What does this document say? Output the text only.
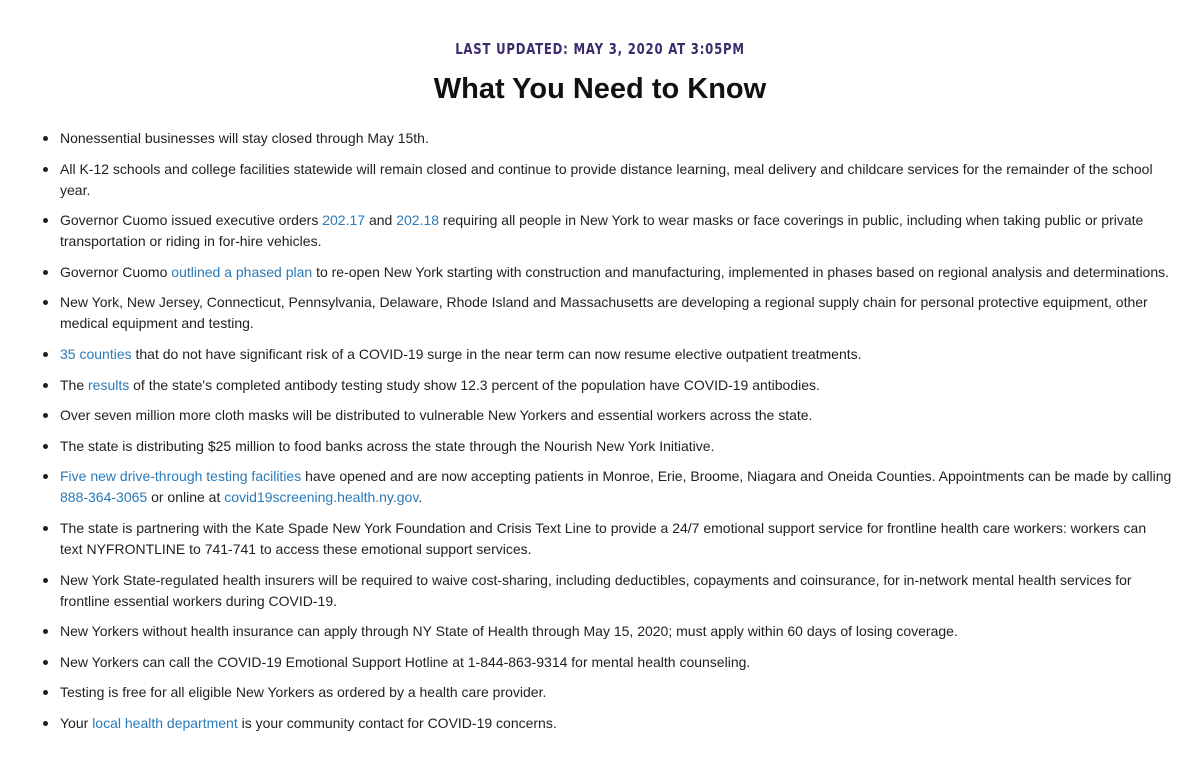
LAST UPDATED: MAY 3, 2020 AT 3:05PM
What You Need to Know
Nonessential businesses will stay closed through May 15th.
All K-12 schools and college facilities statewide will remain closed and continue to provide distance learning, meal delivery and childcare services for the remainder of the school year.
Governor Cuomo issued executive orders 202.17 and 202.18 requiring all people in New York to wear masks or face coverings in public, including when taking public or private transportation or riding in for-hire vehicles.
Governor Cuomo outlined a phased plan to re-open New York starting with construction and manufacturing, implemented in phases based on regional analysis and determinations.
New York, New Jersey, Connecticut, Pennsylvania, Delaware, Rhode Island and Massachusetts are developing a regional supply chain for personal protective equipment, other medical equipment and testing.
35 counties that do not have significant risk of a COVID-19 surge in the near term can now resume elective outpatient treatments.
The results of the state's completed antibody testing study show 12.3 percent of the population have COVID-19 antibodies.
Over seven million more cloth masks will be distributed to vulnerable New Yorkers and essential workers across the state.
The state is distributing $25 million to food banks across the state through the Nourish New York Initiative.
Five new drive-through testing facilities have opened and are now accepting patients in Monroe, Erie, Broome, Niagara and Oneida Counties. Appointments can be made by calling 888-364-3065 or online at covid19screening.health.ny.gov.
The state is partnering with the Kate Spade New York Foundation and Crisis Text Line to provide a 24/7 emotional support service for frontline health care workers: workers can text NYFRONTLINE to 741-741 to access these emotional support services.
New York State-regulated health insurers will be required to waive cost-sharing, including deductibles, copayments and coinsurance, for in-network mental health services for frontline essential workers during COVID-19.
New Yorkers without health insurance can apply through NY State of Health through May 15, 2020; must apply within 60 days of losing coverage.
New Yorkers can call the COVID-19 Emotional Support Hotline at 1-844-863-9314 for mental health counseling.
Testing is free for all eligible New Yorkers as ordered by a health care provider.
Your local health department is your community contact for COVID-19 concerns.
